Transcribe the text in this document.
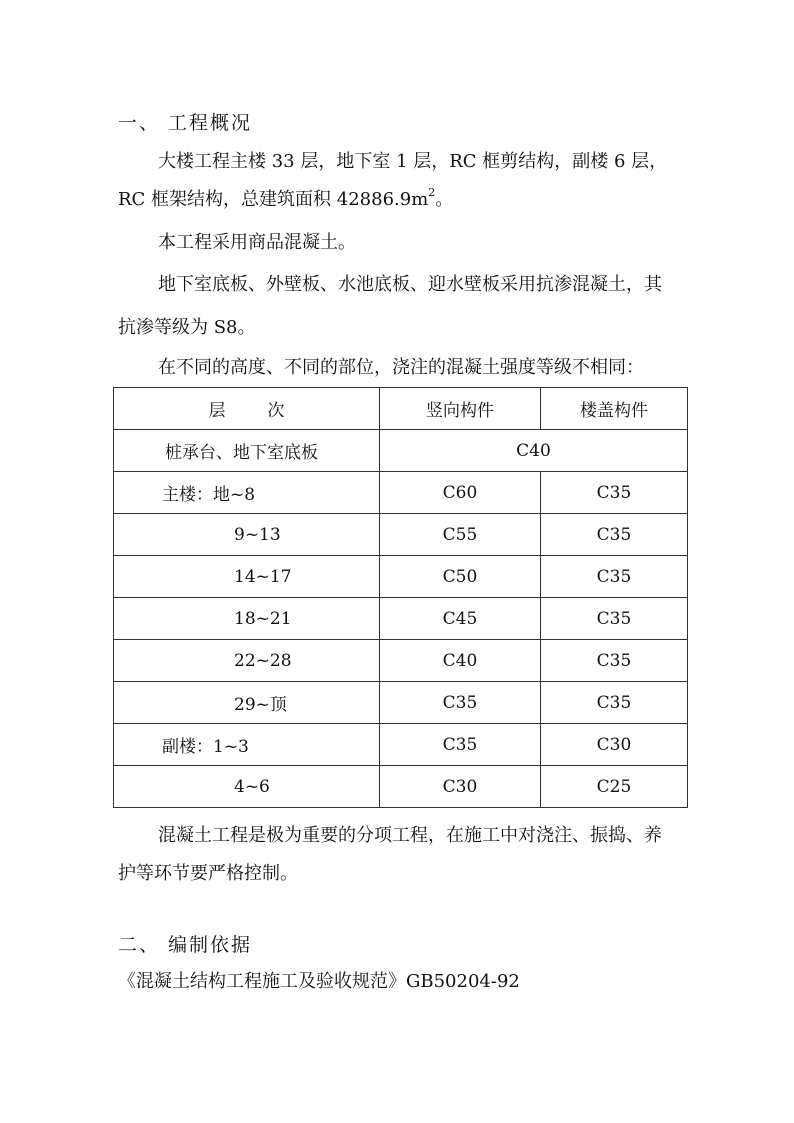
一、 工程概况
大楼工程主楼 33 层，地下室 1 层，RC 框剪结构，副楼 6 层，
RC 框架结构，总建筑面积 $42886.9m^2$。
本工程采用商品混凝土。
地下室底板、外壁板、水池底板、迎水壁板采用抗渗混凝土，其
抗渗等级为 S8。
在不同的高度、不同的部位，浇注的混凝土强度等级不相同：
层 次	竖向构件	楼盖构件
桩承台、地下室底板	C40	
主楼：地~8	C60	C35
9~13	C55	C35
14~17	C50	C35
18~21	C45	C35
22~28	C40	C35
29~顶	C35	C35
副楼：1~3	C35	C30
4~6	C30	C25
混凝土工程是极为重要的分项工程，在施工中对浇注、振捣、养
护等环节要严格控制。
二、 编制依据
《混凝土结构工程施工及验收规范》GB50204-92
